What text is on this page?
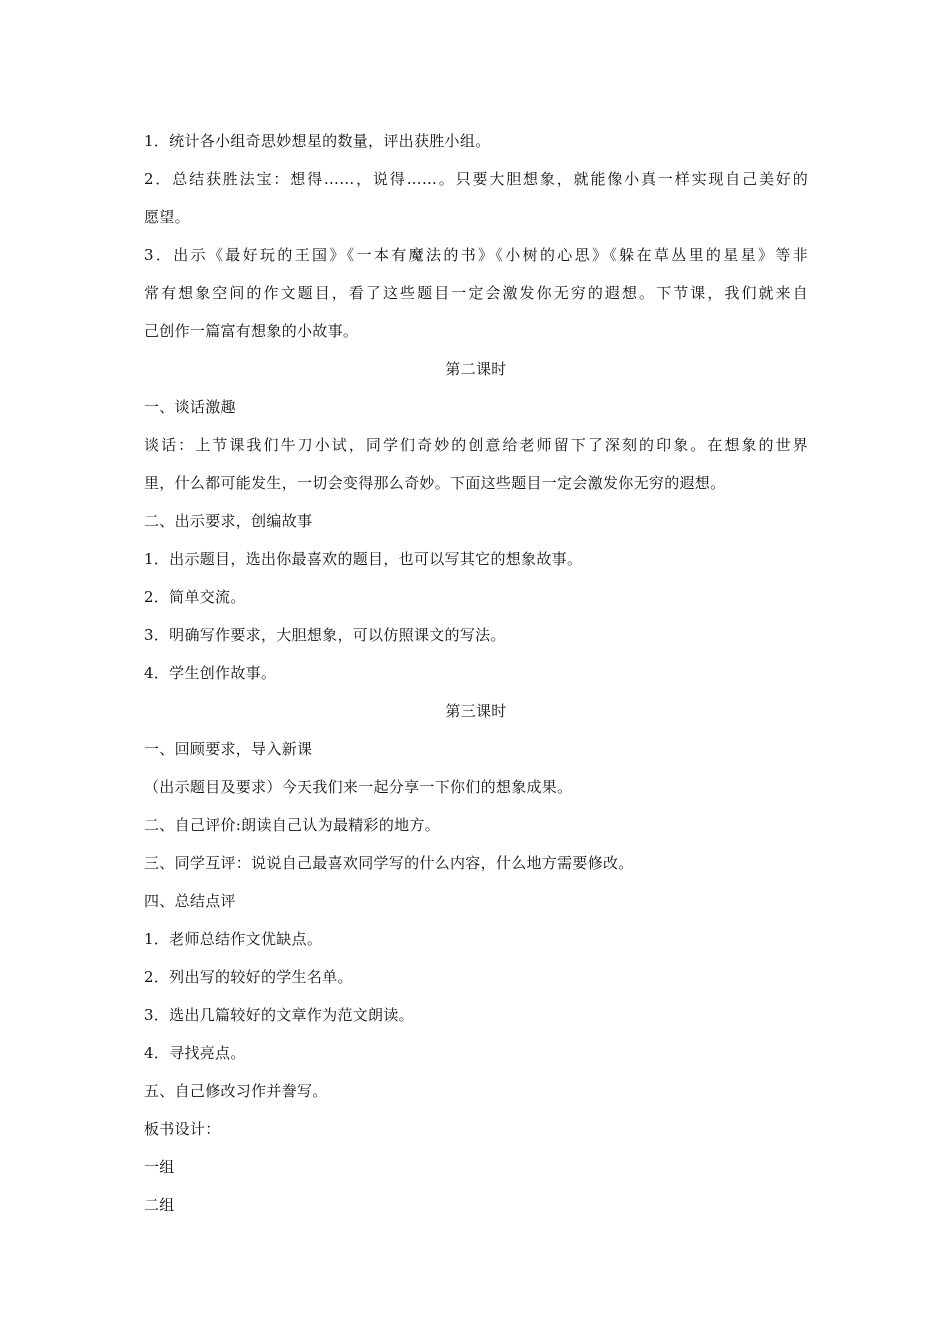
1．统计各小组奇思妙想星的数量，评出获胜小组。
2．总结获胜法宝：想得……，说得……。只要大胆想象，就能像小真一样实现自己美好的
愿望。
3．出示《最好玩的王国》《一本有魔法的书》《小树的心思》《躲在草丛里的星星》等非
常有想象空间的作文题目，看了这些题目一定会激发你无穷的遐想。下节课，我们就来自
己创作一篇富有想象的小故事。
第二课时
一、谈话激趣
谈话：上节课我们牛刀小试，同学们奇妙的创意给老师留下了深刻的印象。在想象的世界
里，什么都可能发生，一切会变得那么奇妙。下面这些题目一定会激发你无穷的遐想。
二、出示要求，创编故事
1．出示题目，选出你最喜欢的题目，也可以写其它的想象故事。
2．简单交流。
3．明确写作要求，大胆想象，可以仿照课文的写法。
4．学生创作故事。
第三课时
一、回顾要求，导入新课
（出示题目及要求）今天我们来一起分享一下你们的想象成果。
二、自己评价:朗读自己认为最精彩的地方。
三、同学互评：说说自己最喜欢同学写的什么内容，什么地方需要修改。
四、总结点评
1．老师总结作文优缺点。
2．列出写的较好的学生名单。
3．选出几篇较好的文章作为范文朗读。
4．寻找亮点。
五、自己修改习作并誊写。
板书设计：
一组
二组
